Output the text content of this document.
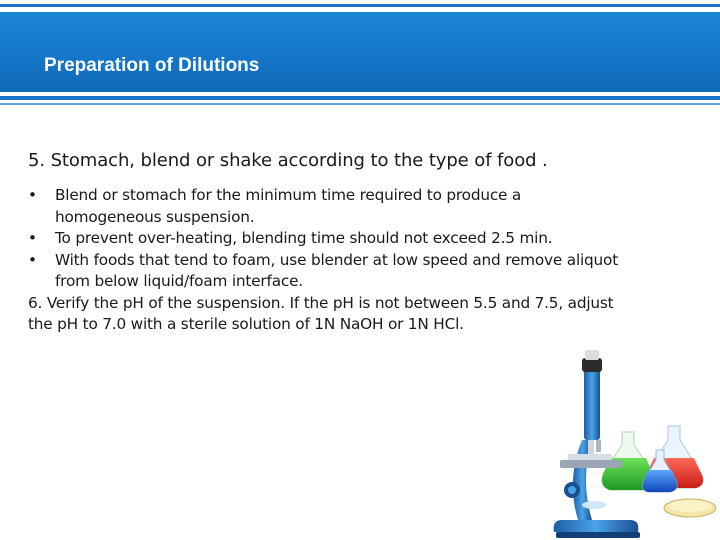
Preparation of Dilutions

5. Stomach, blend or shake according to the type of food .

• Blend or stomach for the minimum time required to produce a homogeneous suspension.
• To prevent over-heating, blending time should not exceed 2.5 min.
• With foods that tend to foam, use blender at low speed and remove aliquot from below liquid/foam interface.

6. Verify the pH of the suspension. If the pH is not between 5.5 and 7.5, adjust the pH to 7.0 with a sterile solution of 1N NaOH or 1N HCl.
